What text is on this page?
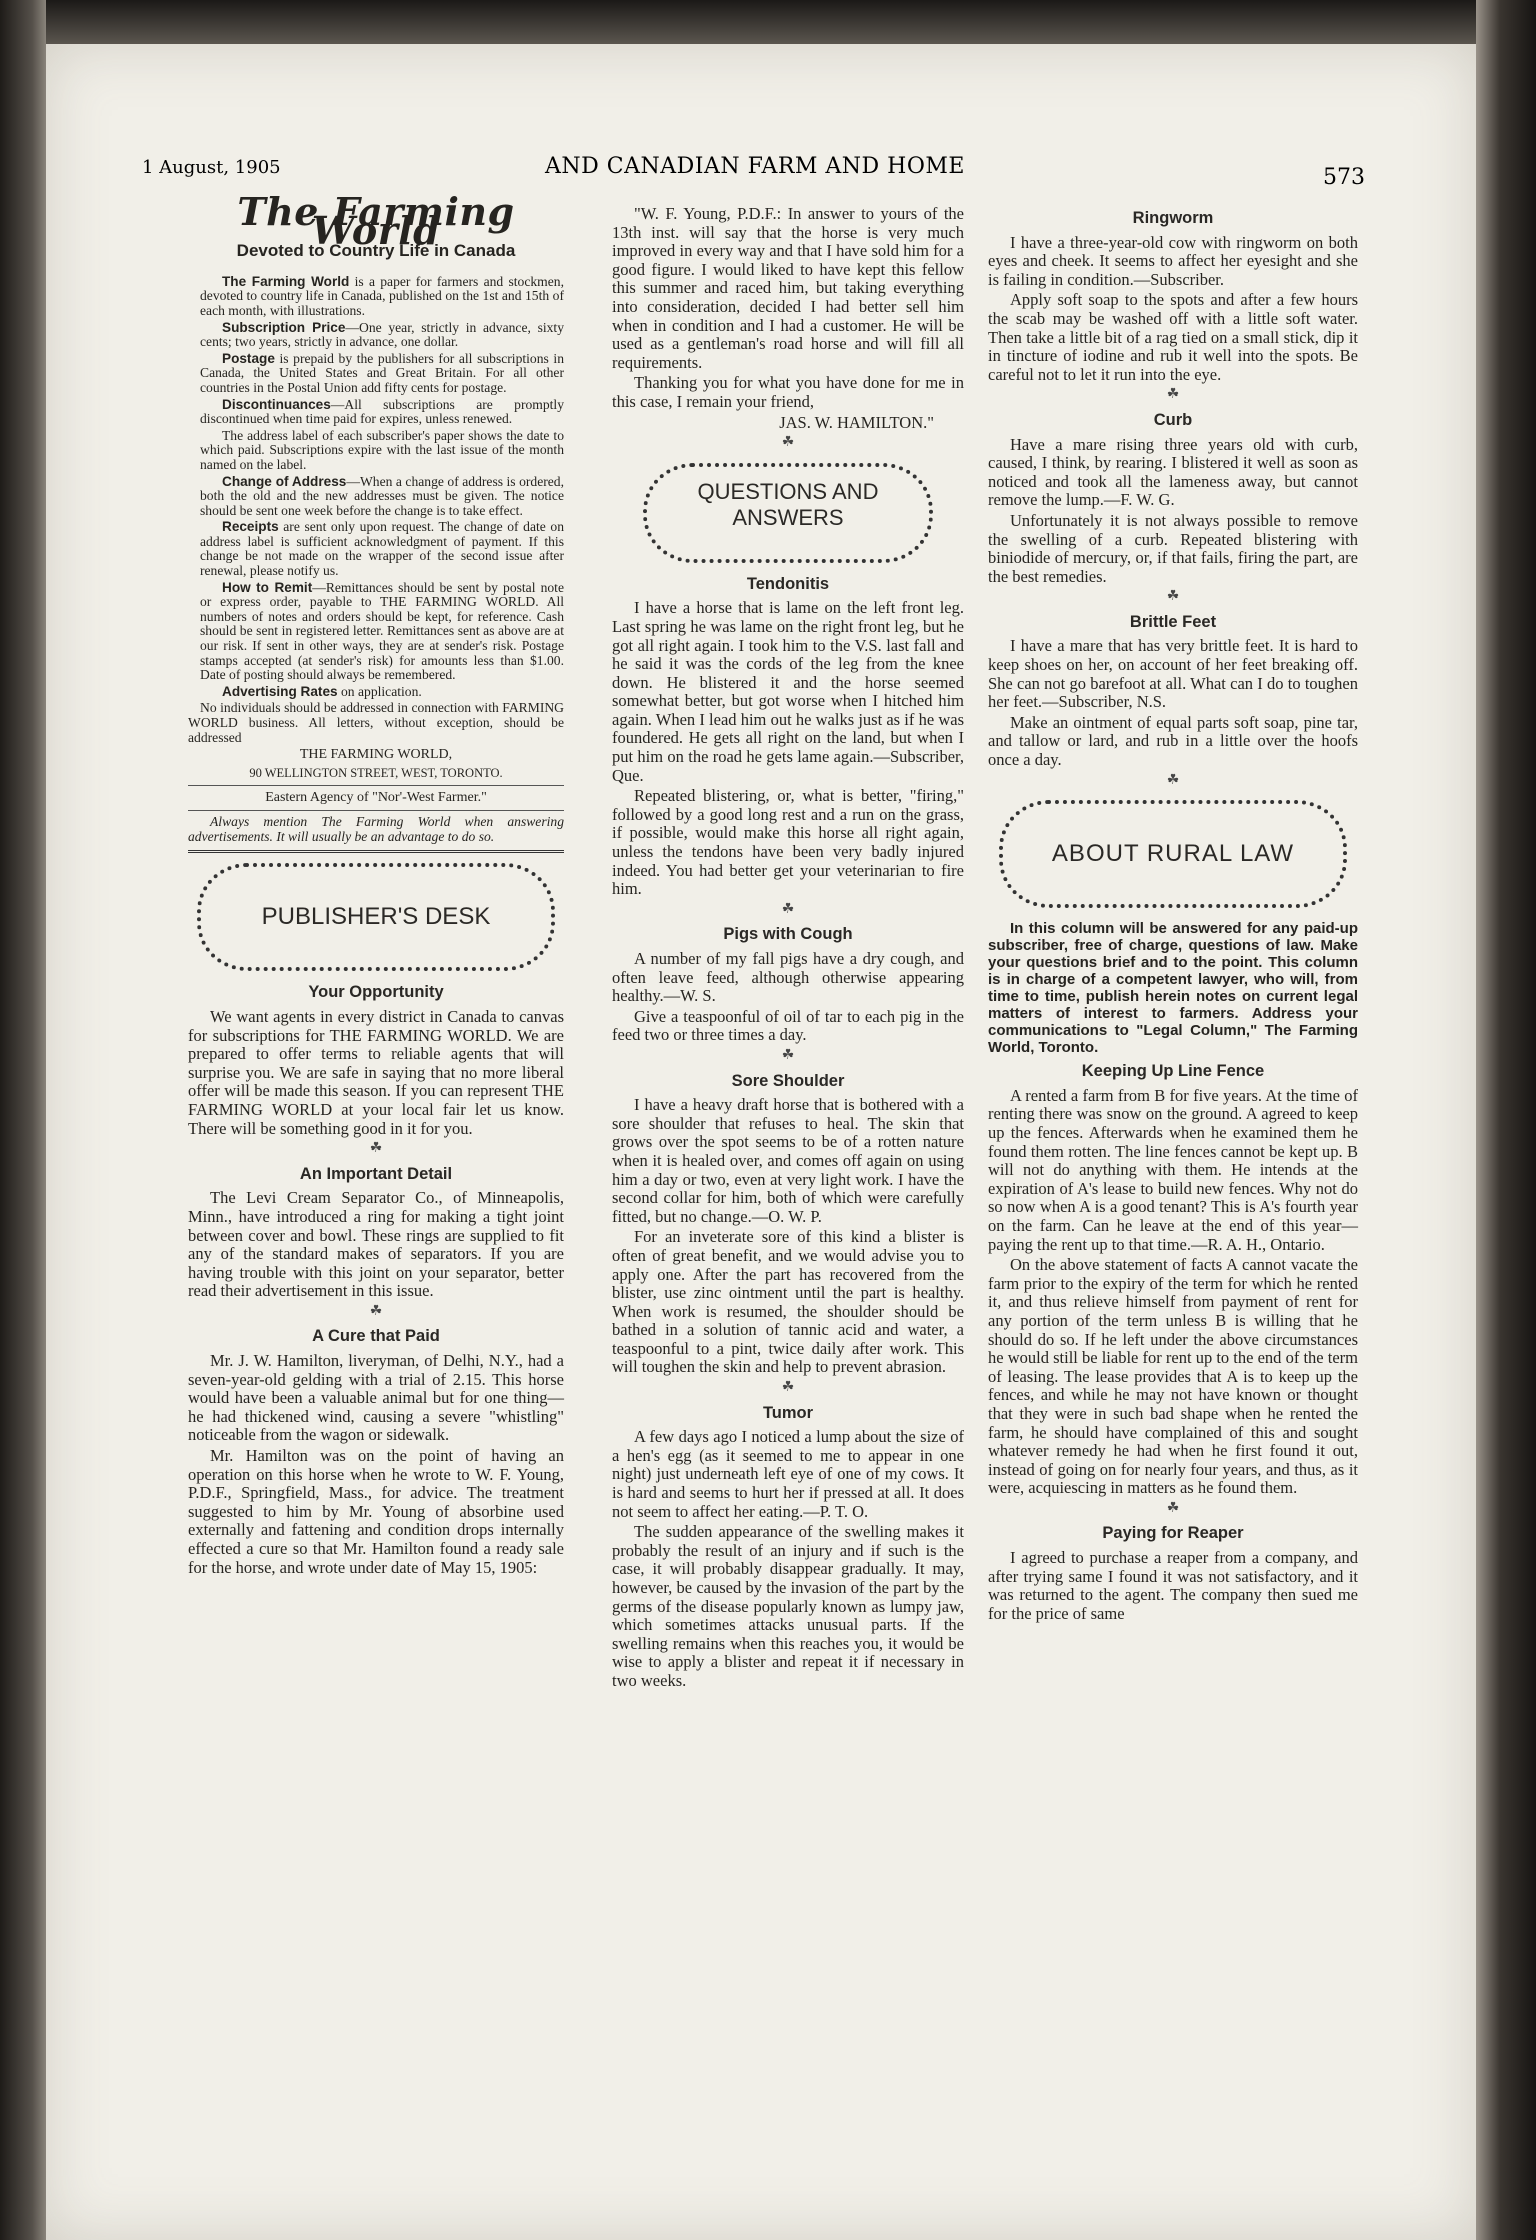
1 August, 1905	AND CANADIAN FARM AND HOME	573
The Farming World
Devoted to Country Life in Canada

The Farming World is a paper for farmers and stockmen, devoted to country life in Canada, published on the 1st and 15th of each month, with illustrations.

Subscription Price—One year, strictly in advance, sixty cents; two years, strictly in advance, one dollar.

Postage is prepaid by the publishers for all subscriptions in Canada, the United States and Great Britain. For all other countries in the Postal Union add fifty cents for postage.

Discontinuances—All subscriptions are promptly discontinued when time paid for expires, unless renewed.

The address label of each subscriber's paper shows the date to which paid. Subscriptions expire with the last issue of the month named on the label.

Change of Address—When a change of address is ordered, both the old and the new addresses must be given. The notice should be sent one week before the change is to take effect.

Receipts are sent only upon request. The change of date on address label is sufficient acknowledgment of payment. If this change be not made on the wrapper of the second issue after renewal, please notify us.

How to Remit—Remittances should be sent by postal note or express order, payable to THE FARMING WORLD. All numbers of notes and orders should be kept, for reference. Cash should be sent in registered letter. Remittances sent as above are at our risk. If sent in other ways, they are at sender's risk. Postage stamps accepted (at sender's risk) for amounts less than $1.00. Date of posting should always be remembered.

Advertising Rates on application.

No individuals should be addressed in connection with FARMING WORLD business. All letters, without exception, should be addressed

THE FARMING WORLD,
90 WELLINGTON STREET, WEST, TORONTO.
Eastern Agency of "Nor'-West Farmer."

Always mention The Farming World when answering advertisements. It will usually be an advantage to do so.

PUBLISHER'S DESK
Your Opportunity

We want agents in every district in Canada to canvas for subscriptions for THE FARMING WORLD. We are prepared to offer terms to reliable agents that will surprise you. We are safe in saying that no more liberal offer will be made this season. If you can represent THE FARMING WORLD at your local fair let us know. There will be something good in it for you.

☘
An Important Detail

The Levi Cream Separator Co., of Minneapolis, Minn., have introduced a ring for making a tight joint between cover and bowl. These rings are supplied to fit any of the standard makes of separators. If you are having trouble with this joint on your separator, better read their advertisement in this issue.

☘
A Cure that Paid

Mr. J. W. Hamilton, liveryman, of Delhi, N.Y., had a seven-year-old gelding with a trial of 2.15. This horse would have been a valuable animal but for one thing—he had thickened wind, causing a severe "whistling" noticeable from the wagon or sidewalk.

Mr. Hamilton was on the point of having an operation on this horse when he wrote to W. F. Young, P.D.F., Springfield, Mass., for advice. The treatment suggested to him by Mr. Young of absorbine used externally and fattening and condition drops internally effected a cure so that Mr. Hamilton found a ready sale for the horse, and wrote under date of May 15, 1905:

"W. F. Young, P.D.F.: In answer to yours of the 13th inst. will say that the horse is very much improved in every way and that I have sold him for a good figure. I would liked to have kept this fellow this summer and raced him, but taking everything into consideration, decided I had better sell him when in condition and I had a customer. He will be used as a gentleman's road horse and will fill all requirements.

Thanking you for what you have done for me in this case, I remain your friend,

JAS. W. HAMILTON."

☘
QUESTIONS AND
ANSWERS
Tendonitis

I have a horse that is lame on the left front leg. Last spring he was lame on the right front leg, but he got all right again. I took him to the V.S. last fall and he said it was the cords of the leg from the knee down. He blistered it and the horse seemed somewhat better, but got worse when I hitched him again. When I lead him out he walks just as if he was foundered. He gets all right on the land, but when I put him on the road he gets lame again.—Subscriber, Que.

Repeated blistering, or, what is better, "firing," followed by a good long rest and a run on the grass, if possible, would make this horse all right again, unless the tendons have been very badly injured indeed. You had better get your veterinarian to fire him.

☘
Pigs with Cough

A number of my fall pigs have a dry cough, and often leave feed, although otherwise appearing healthy.—W. S.

Give a teaspoonful of oil of tar to each pig in the feed two or three times a day.

☘
Sore Shoulder

I have a heavy draft horse that is bothered with a sore shoulder that refuses to heal. The skin that grows over the spot seems to be of a rotten nature when it is healed over, and comes off again on using him a day or two, even at very light work. I have the second collar for him, both of which were carefully fitted, but no change.—O. W. P.

For an inveterate sore of this kind a blister is often of great benefit, and we would advise you to apply one. After the part has recovered from the blister, use zinc ointment until the part is healthy. When work is resumed, the shoulder should be bathed in a solution of tannic acid and water, a teaspoonful to a pint, twice daily after work. This will toughen the skin and help to prevent abrasion.

☘
Tumor

A few days ago I noticed a lump about the size of a hen's egg (as it seemed to me to appear in one night) just underneath left eye of one of my cows. It is hard and seems to hurt her if pressed at all. It does not seem to affect her eating.—P. T. O.

The sudden appearance of the swelling makes it probably the result of an injury and if such is the case, it will probably disappear gradually. It may, however, be caused by the invasion of the part by the germs of the disease popularly known as lumpy jaw, which sometimes attacks unusual parts. If the swelling remains when this reaches you, it would be wise to apply a blister and repeat it if necessary in two weeks.

Ringworm

I have a three-year-old cow with ringworm on both eyes and cheek. It seems to affect her eyesight and she is failing in condition.—Subscriber.

Apply soft soap to the spots and after a few hours the scab may be washed off with a little soft water. Then take a little bit of a rag tied on a small stick, dip it in tincture of iodine and rub it well into the spots. Be careful not to let it run into the eye.

☘
Curb

Have a mare rising three years old with curb, caused, I think, by rearing. I blistered it well as soon as noticed and took all the lameness away, but cannot remove the lump.—F. W. G.

Unfortunately it is not always possible to remove the swelling of a curb. Repeated blistering with biniodide of mercury, or, if that fails, firing the part, are the best remedies.

☘
Brittle Feet

I have a mare that has very brittle feet. It is hard to keep shoes on her, on account of her feet breaking off. She can not go barefoot at all. What can I do to toughen her feet.—Subscriber, N.S.

Make an ointment of equal parts soft soap, pine tar, and tallow or lard, and rub in a little over the hoofs once a day.

☘
ABOUT RURAL LAW

In this column will be answered for any paid-up subscriber, free of charge, questions of law. Make your questions brief and to the point. This column is in charge of a competent lawyer, who will, from time to time, publish herein notes on current legal matters of interest to farmers. Address your communications to "Legal Column," The Farming World, Toronto.

Keeping Up Line Fence

A rented a farm from B for five years. At the time of renting there was snow on the ground. A agreed to keep up the fences. Afterwards when he examined them he found them rotten. The line fences cannot be kept up. B will not do anything with them. He intends at the expiration of A's lease to build new fences. Why not do so now when A is a good tenant? This is A's fourth year on the farm. Can he leave at the end of this year—paying the rent up to that time.—R. A. H., Ontario.

On the above statement of facts A cannot vacate the farm prior to the expiry of the term for which he rented it, and thus relieve himself from payment of rent for any portion of the term unless B is willing that he should do so. If he left under the above circumstances he would still be liable for rent up to the end of the term of leasing. The lease provides that A is to keep up the fences, and while he may not have known or thought that they were in such bad shape when he rented the farm, he should have complained of this and sought whatever remedy he had when he first found it out, instead of going on for nearly four years, and thus, as it were, acquiescing in matters as he found them.

☘
Paying for Reaper

I agreed to purchase a reaper from a company, and after trying same I found it was not satisfactory, and it was returned to the agent. The company then sued me for the price of same
